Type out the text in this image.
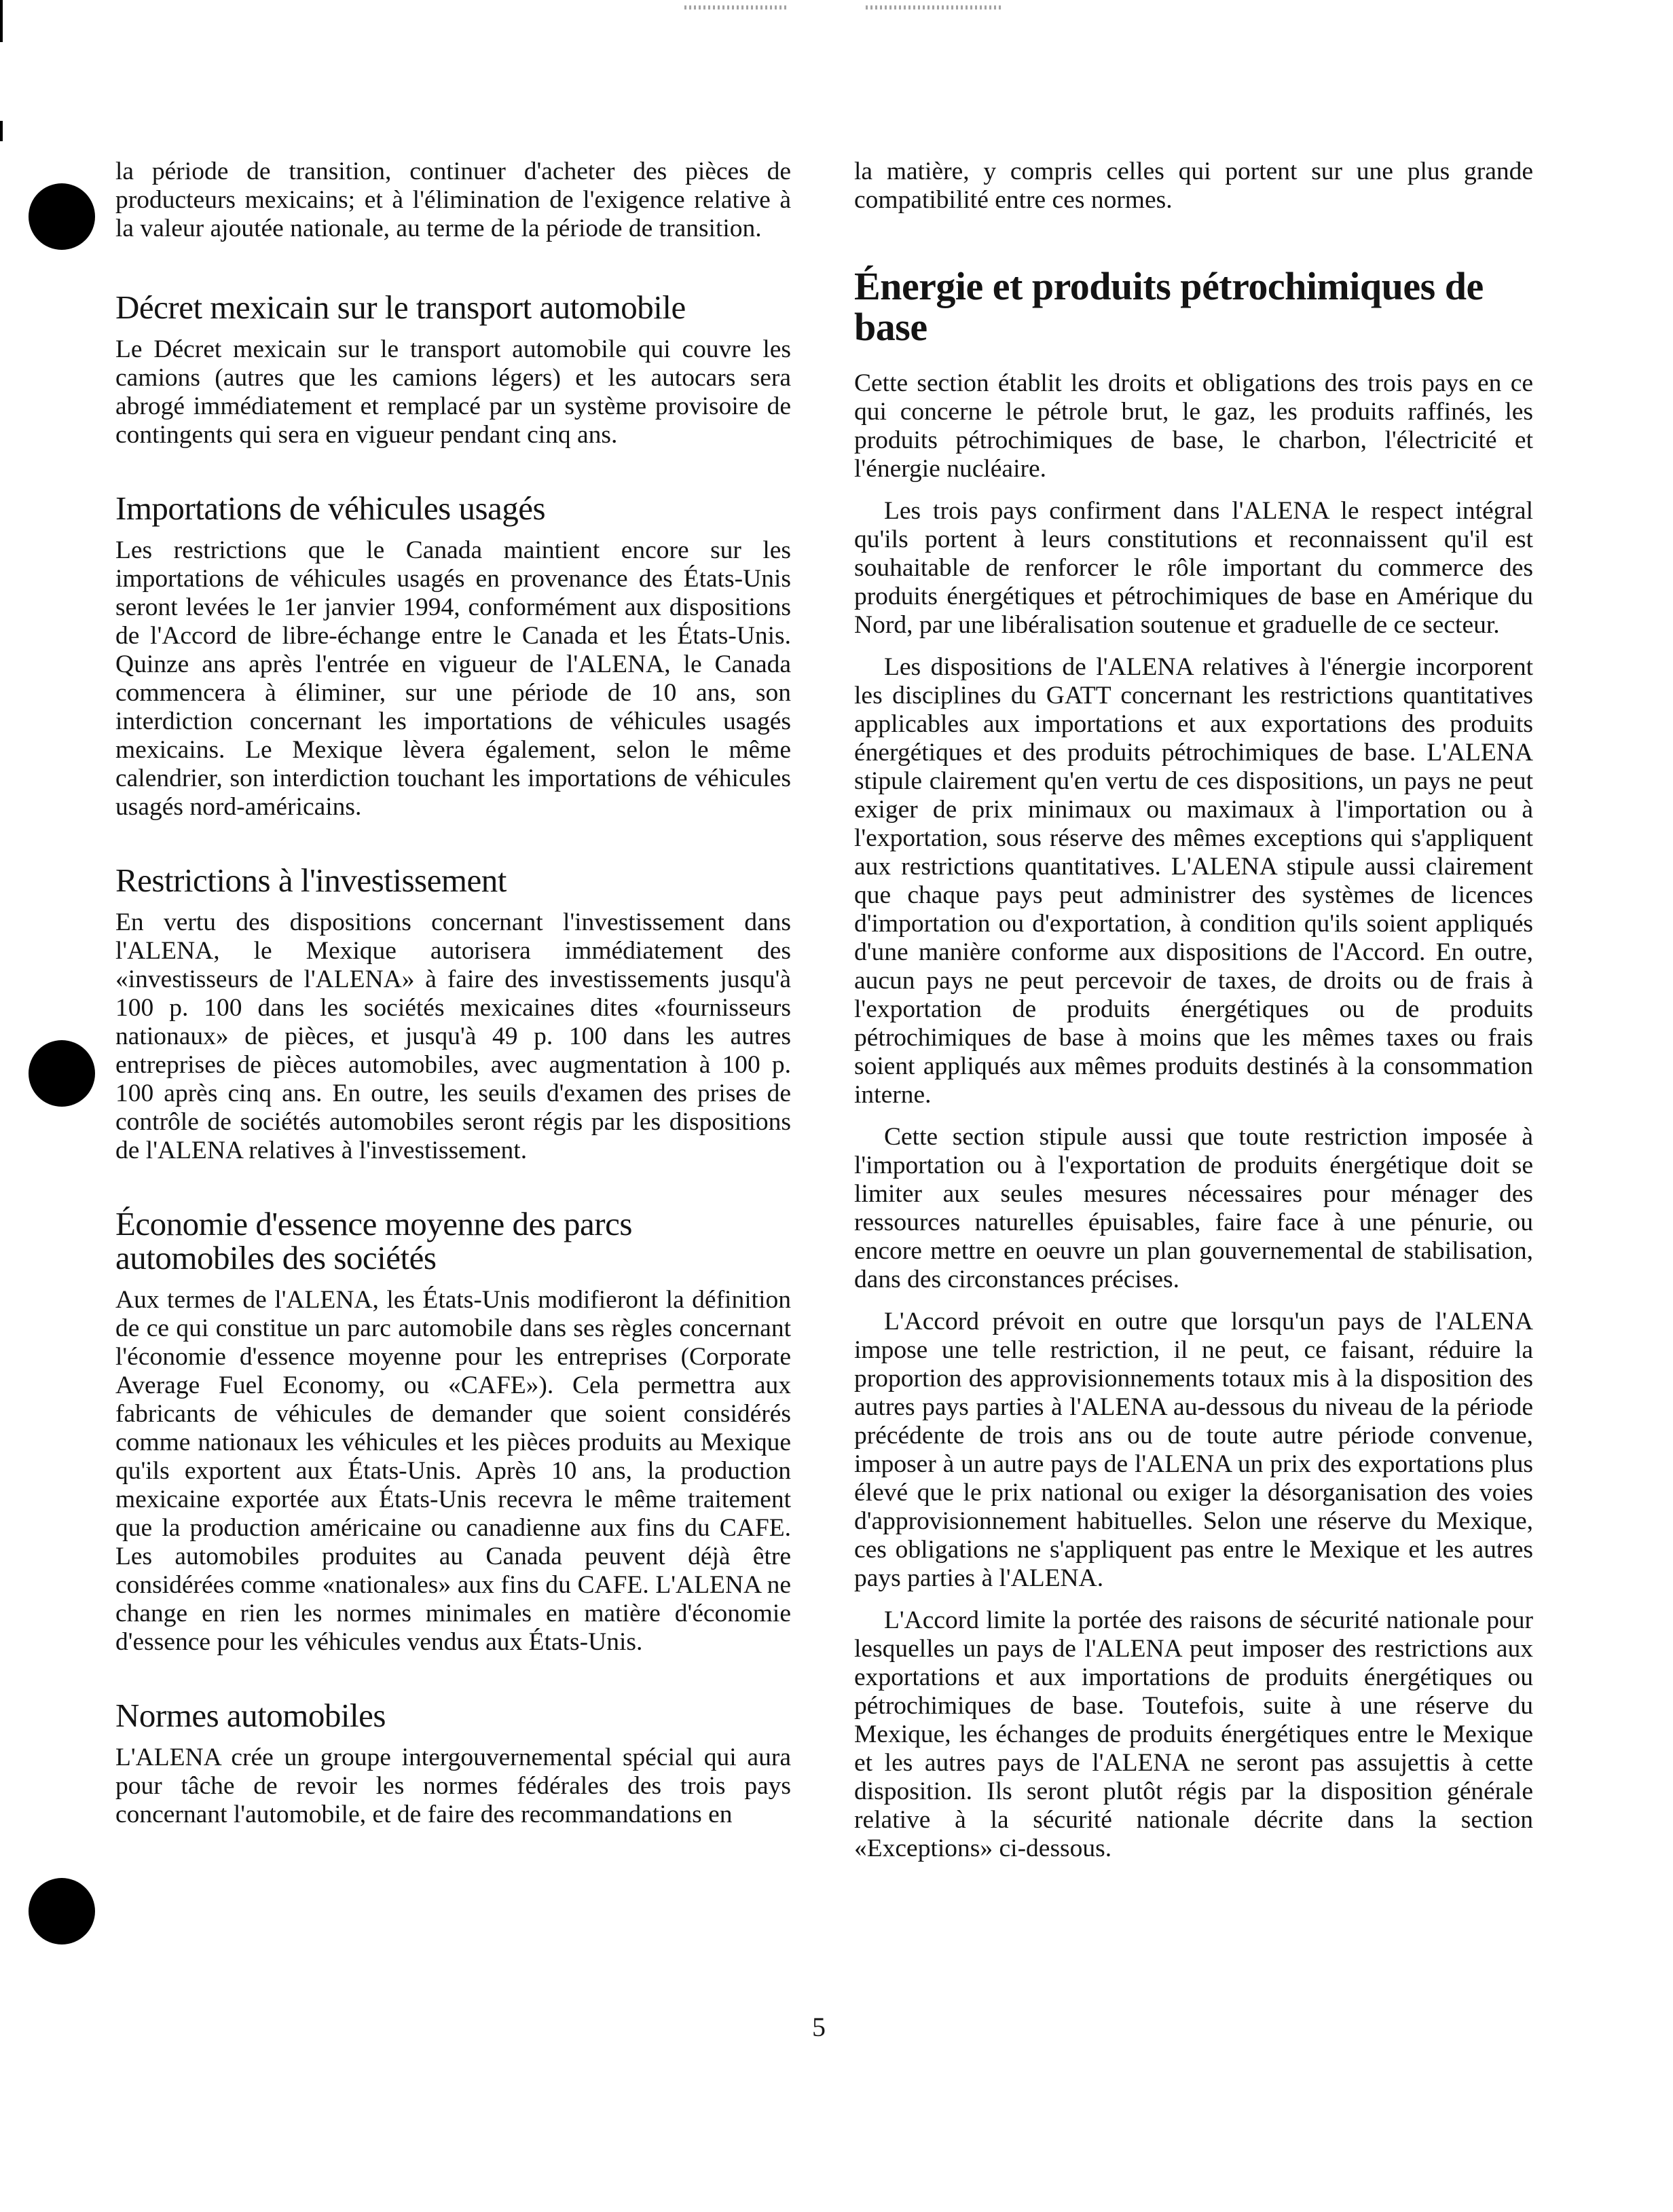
la période de transition, continuer d'acheter des pièces de producteurs mexicains; et à l'élimination de l'exigence relative à la valeur ajoutée nationale, au terme de la période de transition.

Décret mexicain sur le transport automobile

Le Décret mexicain sur le transport automobile qui couvre les camions (autres que les camions légers) et les autocars sera abrogé immédiatement et remplacé par un système provisoire de contingents qui sera en vigueur pendant cinq ans.

Importations de véhicules usagés

Les restrictions que le Canada maintient encore sur les importations de véhicules usagés en provenance des États-Unis seront levées le 1er janvier 1994, conformément aux dispositions de l'Accord de libre-échange entre le Canada et les États-Unis. Quinze ans après l'entrée en vigueur de l'ALENA, le Canada commencera à éliminer, sur une période de 10 ans, son interdiction concernant les importations de véhicules usagés mexicains. Le Mexique lèvera également, selon le même calendrier, son interdiction touchant les importations de véhicules usagés nord-américains.

Restrictions à l'investissement

En vertu des dispositions concernant l'investissement dans l'ALENA, le Mexique autorisera immédiatement des «investisseurs de l'ALENA» à faire des investissements jusqu'à 100 p. 100 dans les sociétés mexicaines dites «fournisseurs nationaux» de pièces, et jusqu'à 49 p. 100 dans les autres entreprises de pièces automobiles, avec augmentation à 100 p. 100 après cinq ans. En outre, les seuils d'examen des prises de contrôle de sociétés automobiles seront régis par les dispositions de l'ALENA relatives à l'investissement.

Économie d'essence moyenne des parcs automobiles des sociétés

Aux termes de l'ALENA, les États-Unis modifieront la définition de ce qui constitue un parc automobile dans ses règles concernant l'économie d'essence moyenne pour les entreprises (Corporate Average Fuel Economy, ou «CAFE»). Cela permettra aux fabricants de véhicules de demander que soient considérés comme nationaux les véhicules et les pièces produits au Mexique qu'ils exportent aux États-Unis. Après 10 ans, la production mexicaine exportée aux États-Unis recevra le même traitement que la production américaine ou canadienne aux fins du CAFE. Les automobiles produites au Canada peuvent déjà être considérées comme «nationales» aux fins du CAFE. L'ALENA ne change en rien les normes minimales en matière d'économie d'essence pour les véhicules vendus aux États-Unis.

Normes automobiles

L'ALENA crée un groupe intergouvernemental spécial qui aura pour tâche de revoir les normes fédérales des trois pays concernant l'automobile, et de faire des recommandations en

la matière, y compris celles qui portent sur une plus grande compatibilité entre ces normes.

Énergie et produits pétrochimiques de base

Cette section établit les droits et obligations des trois pays en ce qui concerne le pétrole brut, le gaz, les produits raffinés, les produits pétrochimiques de base, le charbon, l'électricité et l'énergie nucléaire.

Les trois pays confirment dans l'ALENA le respect intégral qu'ils portent à leurs constitutions et reconnaissent qu'il est souhaitable de renforcer le rôle important du commerce des produits énergétiques et pétrochimiques de base en Amérique du Nord, par une libéralisation soutenue et graduelle de ce secteur.

Les dispositions de l'ALENA relatives à l'énergie incorporent les disciplines du GATT concernant les restrictions quantitatives applicables aux importations et aux exportations des produits énergétiques et des produits pétrochimiques de base. L'ALENA stipule clairement qu'en vertu de ces dispositions, un pays ne peut exiger de prix minimaux ou maximaux à l'importation ou à l'exportation, sous réserve des mêmes exceptions qui s'appliquent aux restrictions quantitatives. L'ALENA stipule aussi clairement que chaque pays peut administrer des systèmes de licences d'importation ou d'exportation, à condition qu'ils soient appliqués d'une manière conforme aux dispositions de l'Accord. En outre, aucun pays ne peut percevoir de taxes, de droits ou de frais à l'exportation de produits énergétiques ou de produits pétrochimiques de base à moins que les mêmes taxes ou frais soient appliqués aux mêmes produits destinés à la consommation interne.

Cette section stipule aussi que toute restriction imposée à l'importation ou à l'exportation de produits énergétique doit se limiter aux seules mesures nécessaires pour ménager des ressources naturelles épuisables, faire face à une pénurie, ou encore mettre en oeuvre un plan gouvernemental de stabilisation, dans des circonstances précises.

L'Accord prévoit en outre que lorsqu'un pays de l'ALENA impose une telle restriction, il ne peut, ce faisant, réduire la proportion des approvisionnements totaux mis à la disposition des autres pays parties à l'ALENA au-dessous du niveau de la période précédente de trois ans ou de toute autre période convenue, imposer à un autre pays de l'ALENA un prix des exportations plus élevé que le prix national ou exiger la désorganisation des voies d'approvisionnement habituelles. Selon une réserve du Mexique, ces obligations ne s'appliquent pas entre le Mexique et les autres pays parties à l'ALENA.

L'Accord limite la portée des raisons de sécurité nationale pour lesquelles un pays de l'ALENA peut imposer des restrictions aux exportations et aux importations de produits énergétiques ou pétrochimiques de base. Toutefois, suite à une réserve du Mexique, les échanges de produits énergétiques entre le Mexique et les autres pays de l'ALENA ne seront pas assujettis à cette disposition. Ils seront plutôt régis par la disposition générale relative à la sécurité nationale décrite dans la section «Exceptions» ci-dessous.

5
